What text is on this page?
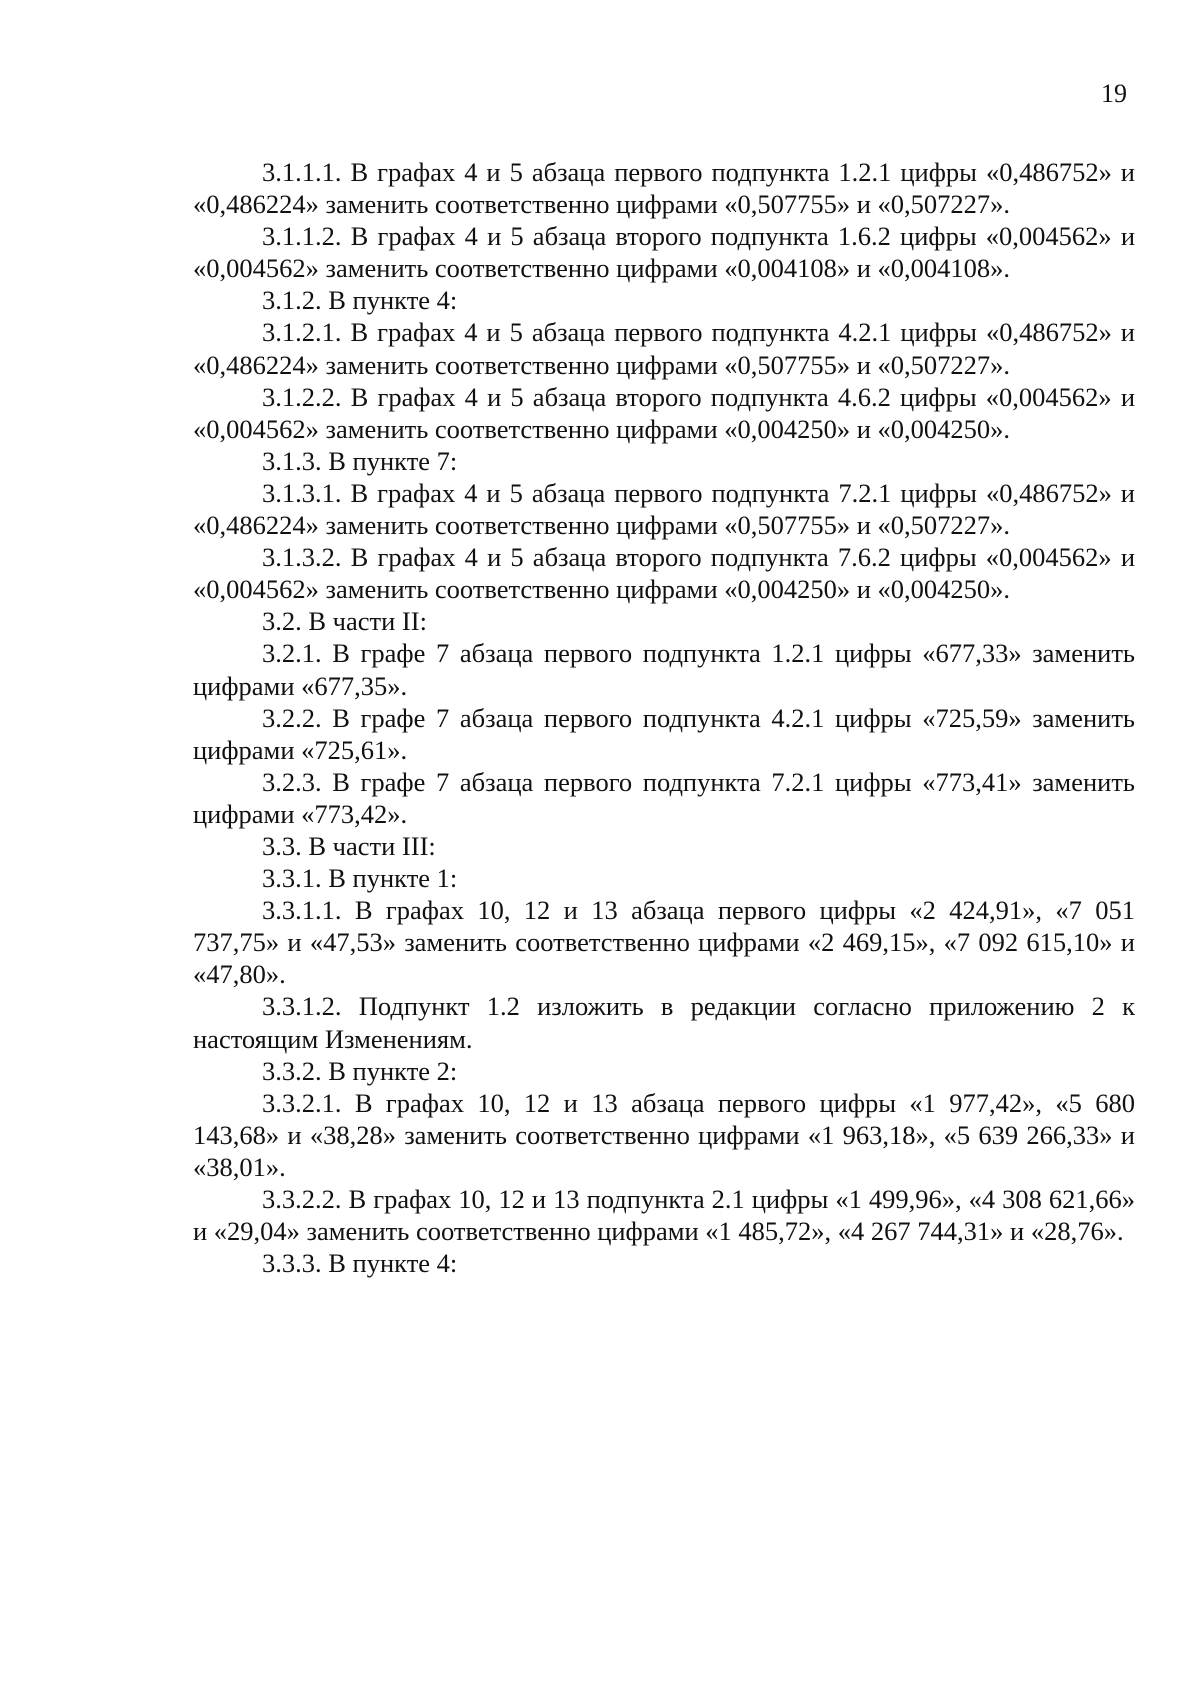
19

3.1.1.1. В графах 4 и 5 абзаца первого подпункта 1.2.1 цифры «0,486752» и «0,486224» заменить соответственно цифрами «0,507755» и «0,507227».

3.1.1.2. В графах 4 и 5 абзаца второго подпункта 1.6.2 цифры «0,004562» и «0,004562» заменить соответственно цифрами «0,004108» и «0,004108».

3.1.2. В пункте 4:

3.1.2.1. В графах 4 и 5 абзаца первого подпункта 4.2.1 цифры «0,486752» и «0,486224» заменить соответственно цифрами «0,507755» и «0,507227».

3.1.2.2. В графах 4 и 5 абзаца второго подпункта 4.6.2 цифры «0,004562» и «0,004562» заменить соответственно цифрами «0,004250» и «0,004250».

3.1.3. В пункте 7:

3.1.3.1. В графах 4 и 5 абзаца первого подпункта 7.2.1 цифры «0,486752» и «0,486224» заменить соответственно цифрами «0,507755» и «0,507227».

3.1.3.2. В графах 4 и 5 абзаца второго подпункта 7.6.2 цифры «0,004562» и «0,004562» заменить соответственно цифрами «0,004250» и «0,004250».

3.2. В части II:

3.2.1. В графе 7 абзаца первого подпункта 1.2.1 цифры «677,33» заменить цифрами «677,35».

3.2.2. В графе 7 абзаца первого подпункта 4.2.1 цифры «725,59» заменить цифрами «725,61».

3.2.3. В графе 7 абзаца первого подпункта 7.2.1 цифры «773,41» заменить цифрами «773,42».

3.3. В части III:

3.3.1. В пункте 1:

3.3.1.1. В графах 10, 12 и 13 абзаца первого цифры «2 424,91», «7 051 737,75» и «47,53» заменить соответственно цифрами «2 469,15», «7 092 615,10» и «47,80».

3.3.1.2. Подпункт 1.2 изложить в редакции согласно приложению 2 к настоящим Изменениям.

3.3.2. В пункте 2:

3.3.2.1. В графах 10, 12 и 13 абзаца первого цифры «1 977,42», «5 680 143,68» и «38,28» заменить соответственно цифрами «1 963,18», «5 639 266,33» и «38,01».

3.3.2.2. В графах 10, 12 и 13 подпункта 2.1 цифры «1 499,96», «4 308 621,66» и «29,04» заменить соответственно цифрами «1 485,72», «4 267 744,31» и «28,76».

3.3.3. В пункте 4:
